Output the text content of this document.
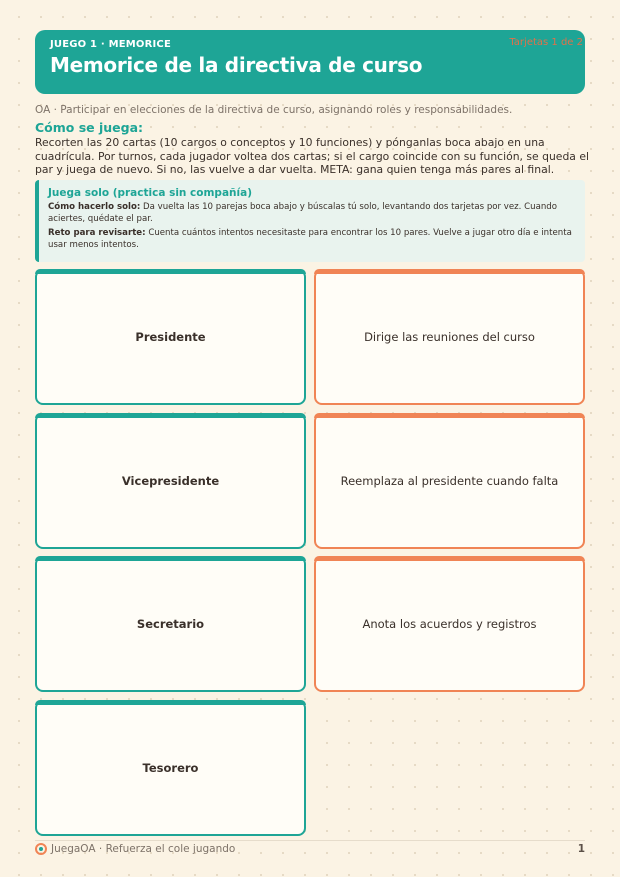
JUEGO 1 · MEMORICE
Memorice de la directiva de curso
Tarjetas 1 de 2
OA · Participar en elecciones de la directiva de curso, asignando roles y responsabilidades.
Cómo se juega:
Recorten las 20 cartas (10 cargos o conceptos y 10 funciones) y pónganlas boca abajo en una cuadrícula. Por turnos, cada jugador voltea dos cartas; si el cargo coincide con su función, se queda el par y juega de nuevo. Si no, las vuelve a dar vuelta. META: gana quien tenga más pares al final.
Juega solo (practica sin compañía)

Cómo hacerlo solo: Da vuelta las 10 parejas boca abajo y búscalas tú solo, levantando dos tarjetas por vez. Cuando aciertes, quédate el par.

Reto para revisarte: Cuenta cuántos intentos necesitaste para encontrar los 10 pares. Vuelve a jugar otro día e intenta usar menos intentos.

Presidente	Dirige las reuniones del curso
Vicepresidente	Reemplaza al presidente cuando falta
Secretario	Anota los acuerdos y registros
Tesorero
JuegaOA · Refuerza el cole jugando	1
